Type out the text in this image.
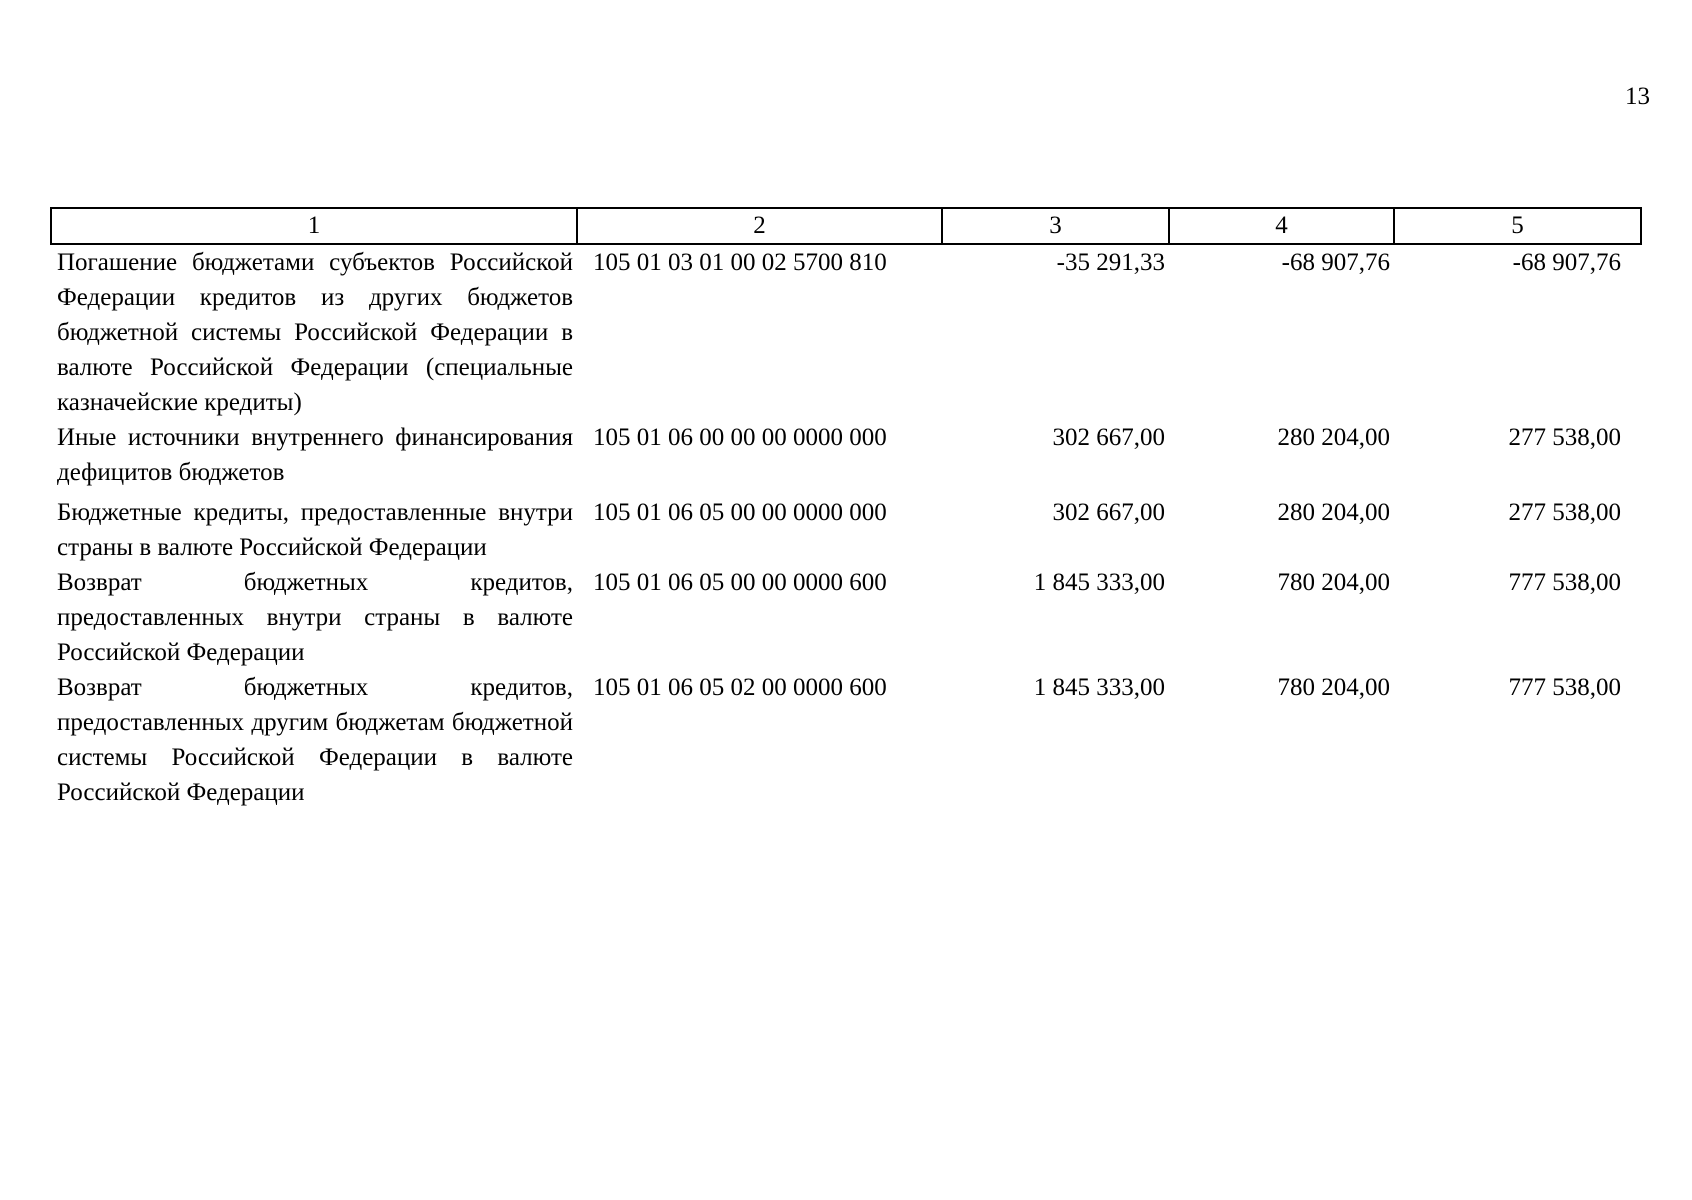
13
1	2	3	4	5
Погашение бюджетами субъектов Российской Федерации кредитов из других бюджетов бюджетной системы Российской Федерации в валюте Российской Федерации (специальные казначейские кредиты)	105 01 03 01 00 02 5700 810	-35 291,33	-68 907,76	-68 907,76
Иные источники внутреннего финансирования дефицитов бюджетов	105 01 06 00 00 00 0000 000	302 667,00	280 204,00	277 538,00
Бюджетные кредиты, предоставленные внутри страны в валюте Российской Федерации	105 01 06 05 00 00 0000 000	302 667,00	280 204,00	277 538,00
Возврат бюджетных кредитов, предоставленных внутри страны в валюте Российской Федерации	105 01 06 05 00 00 0000 600	1 845 333,00	780 204,00	777 538,00
Возврат бюджетных кредитов, предоставленных другим бюджетам бюджетной системы Российской Федерации в валюте Российской Федерации	105 01 06 05 02 00 0000 600	1 845 333,00	780 204,00	777 538,00
